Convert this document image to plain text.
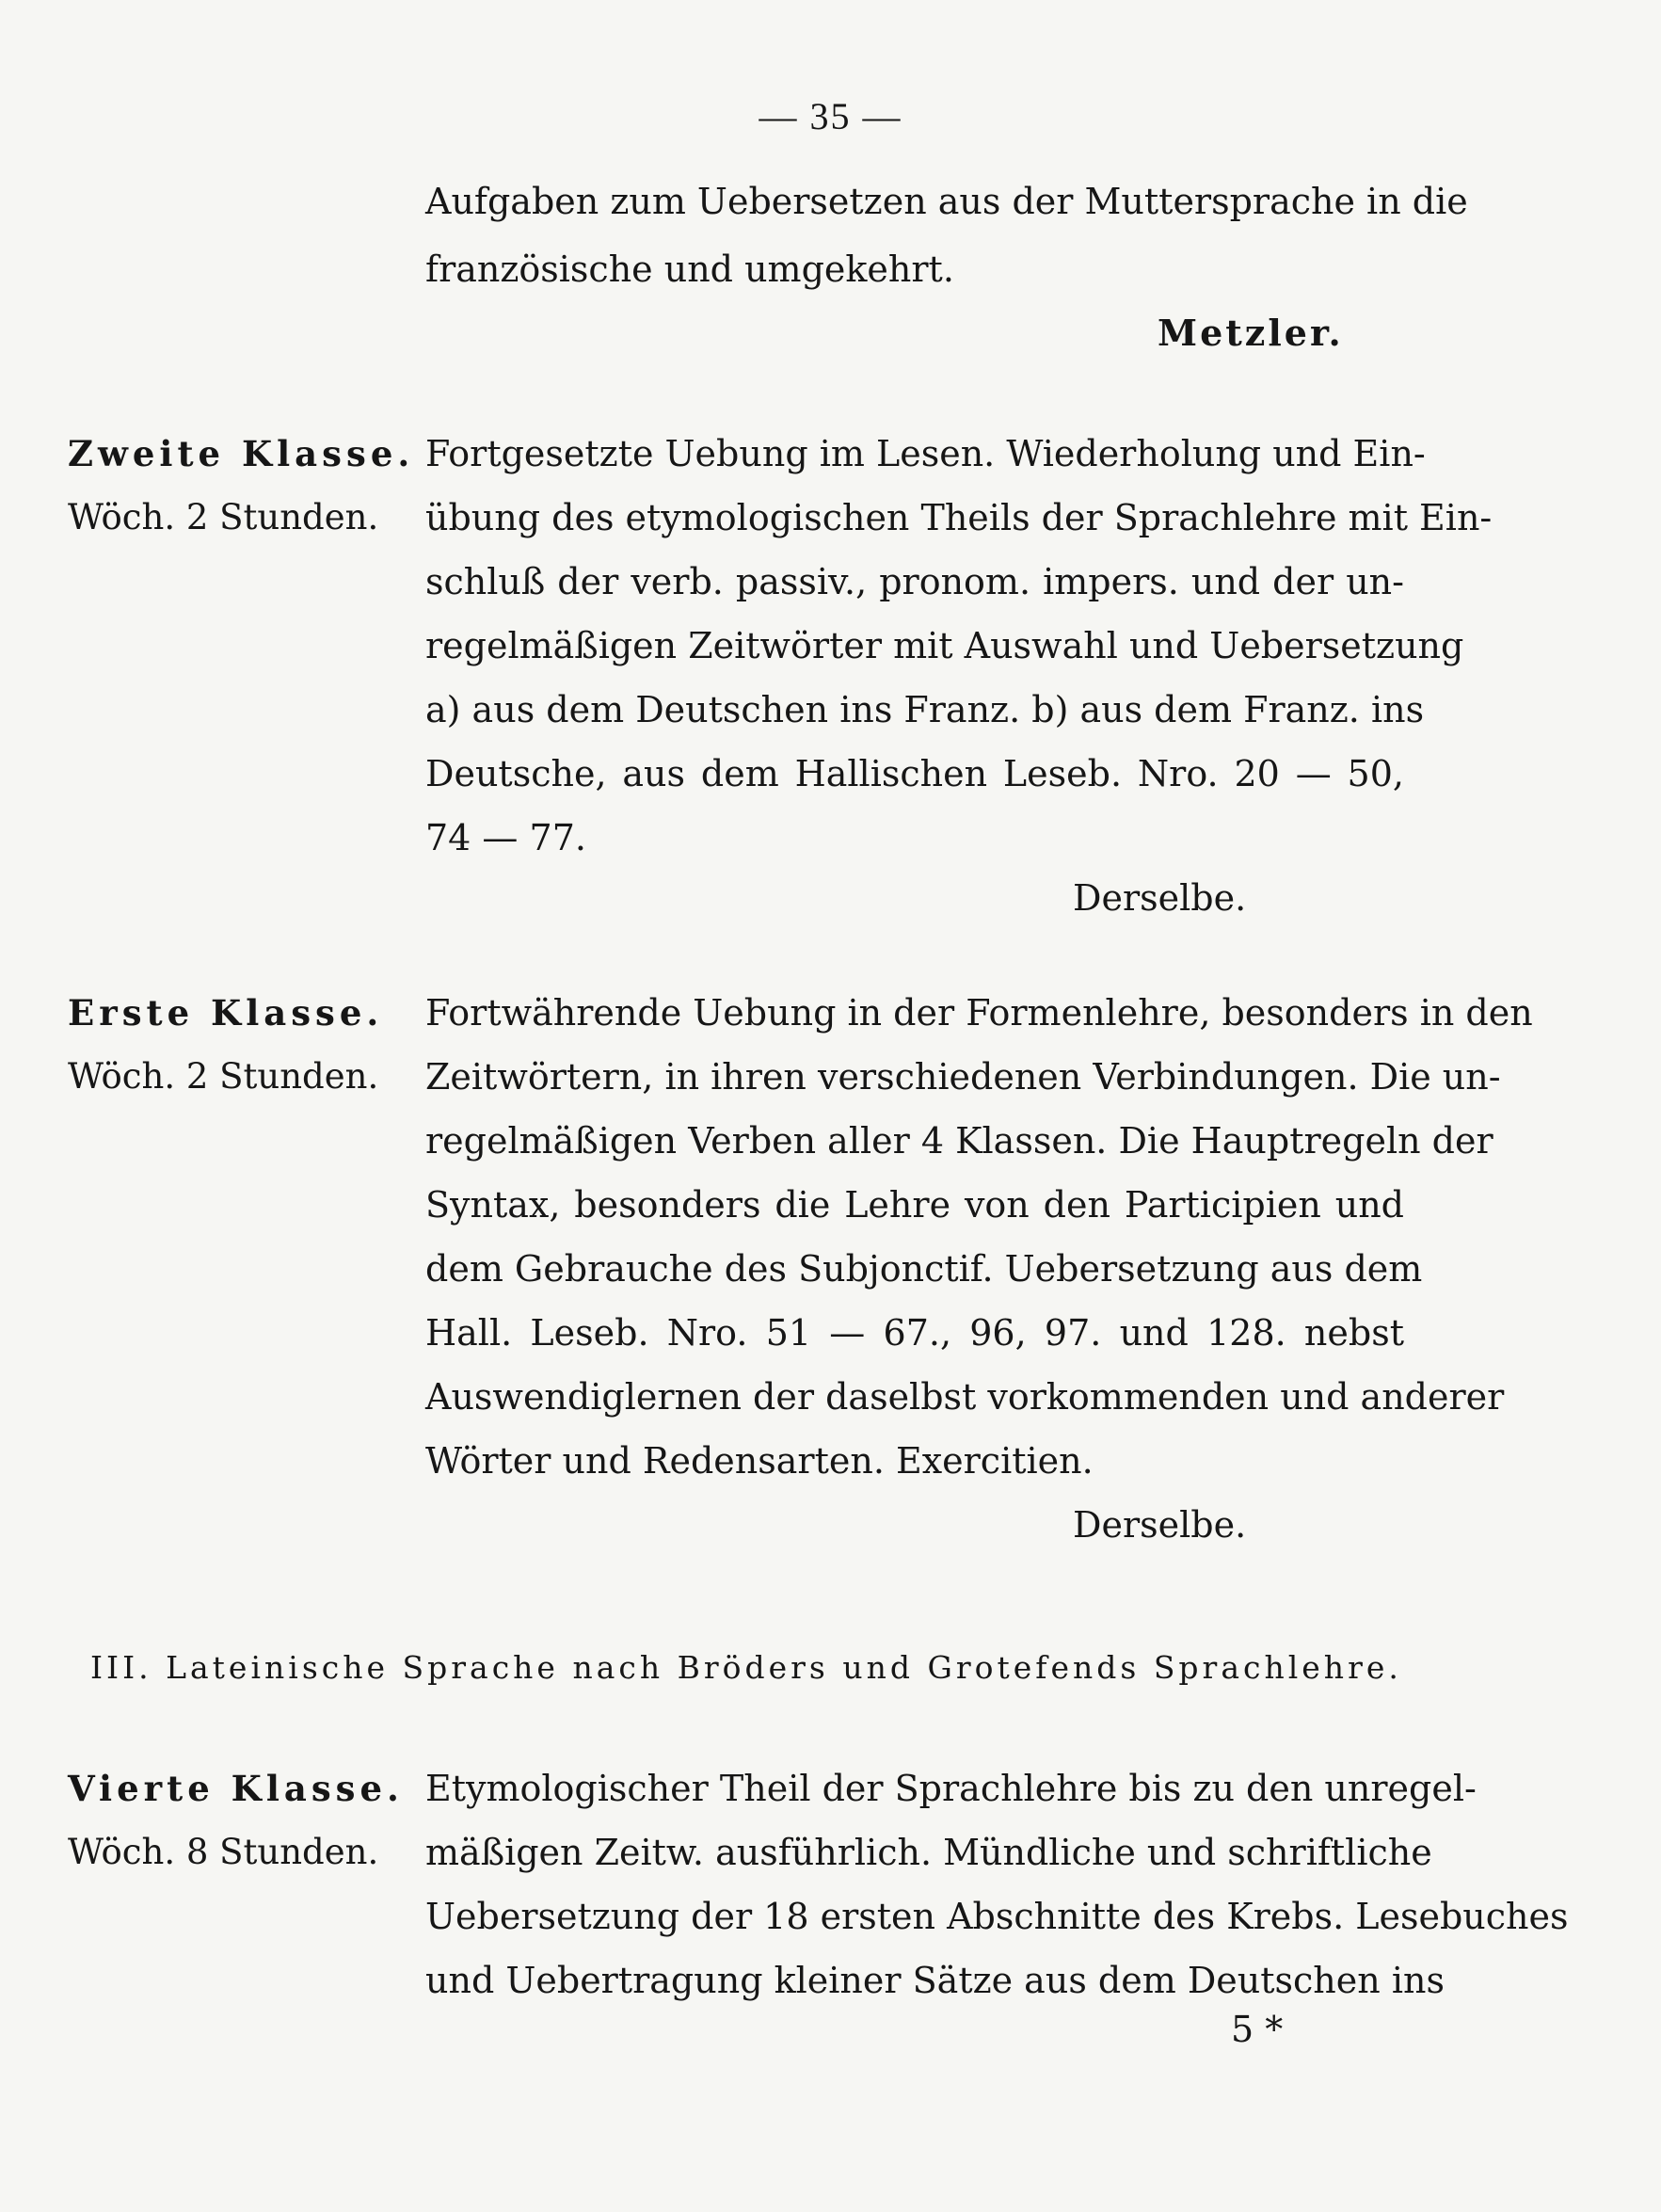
— 35 —
Aufgaben zum Uebersetzen aus der Muttersprache in die
französische und umgekehrt.
Metzler.
Zweite Klasse.
Wöch. 2 Stunden.
Fortgesetzte Uebung im Lesen. Wiederholung und Ein-
übung des etymologischen Theils der Sprachlehre mit Ein-
schluß der verb. passiv., pronom. impers. und der un-
regelmäßigen Zeitwörter mit Auswahl und Uebersetzung
a) aus dem Deutschen ins Franz. b) aus dem Franz. ins
Deutsche, aus dem Hallischen Leseb. Nro. 20 — 50,
74 — 77.
Derselbe.
Erste Klasse.
Wöch. 2 Stunden.
Fortwährende Uebung in der Formenlehre, besonders in den
Zeitwörtern, in ihren verschiedenen Verbindungen. Die un-
regelmäßigen Verben aller 4 Klassen. Die Hauptregeln der
Syntax, besonders die Lehre von den Participien und
dem Gebrauche des Subjonctif. Uebersetzung aus dem
Hall. Leseb. Nro. 51 — 67., 96, 97. und 128. nebst
Auswendiglernen der daselbst vorkommenden und anderer
Wörter und Redensarten. Exercitien.
Derselbe.
III. Lateinische Sprache nach Bröders und Grotefends Sprachlehre.
Vierte Klasse.
Wöch. 8 Stunden.
Etymologischer Theil der Sprachlehre bis zu den unregel-
mäßigen Zeitw. ausführlich. Mündliche und schriftliche
Uebersetzung der 18 ersten Abschnitte des Krebs. Lesebuches
und Uebertragung kleiner Sätze aus dem Deutschen ins
5 *
